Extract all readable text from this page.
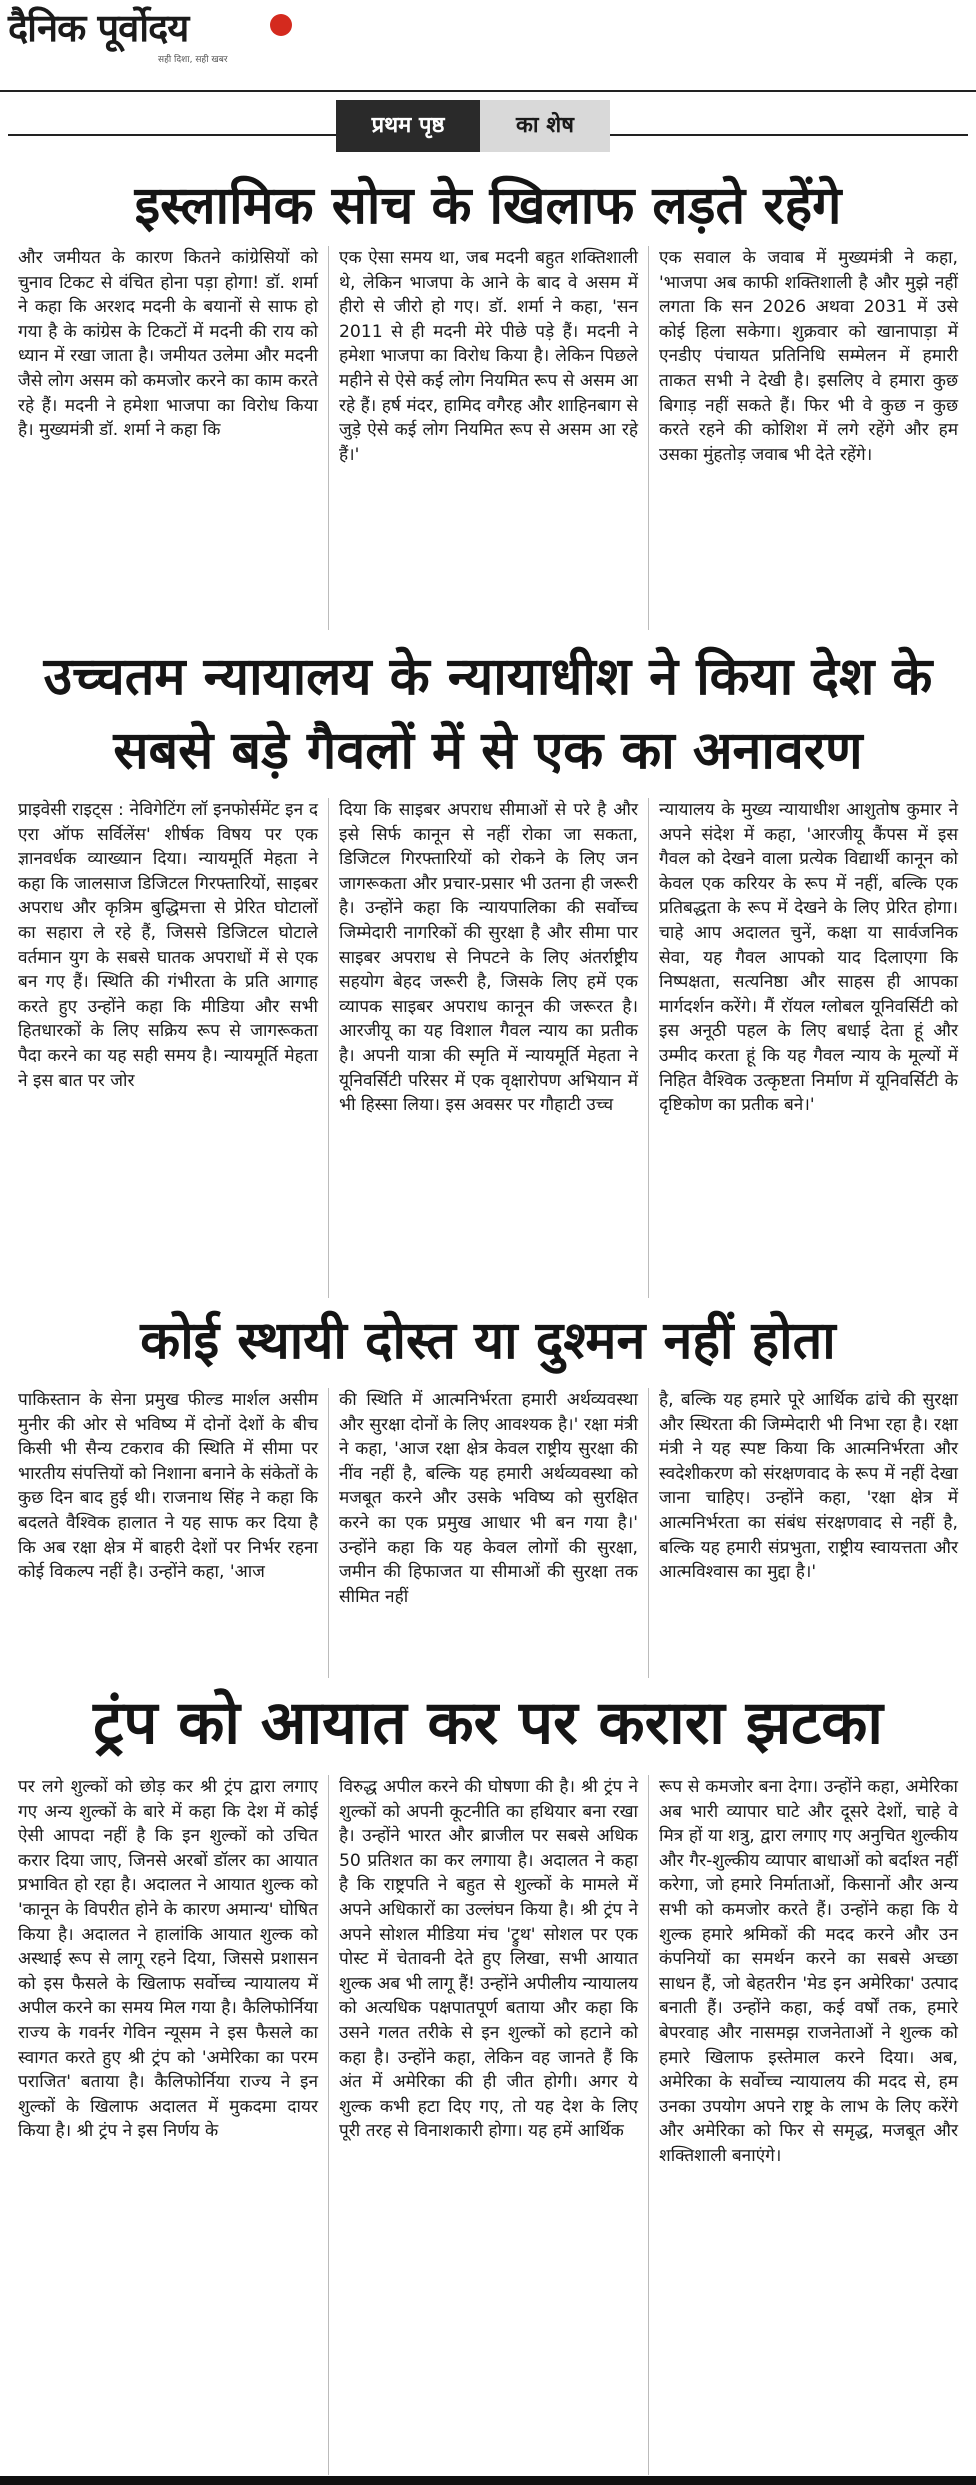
दैनिक पूर्वोदय
सही दिशा, सही खबर
प्रथम पृष्ठ	का शेष
इस्लामिक सोच के खिलाफ लड़ते रहेंगे

और जमीयत के कारण कितने कांग्रेसियों को चुनाव टिकट से वंचित होना पड़ा होगा! डॉ. शर्मा ने कहा कि अरशद मदनी के बयानों से साफ हो गया है के कांग्रेस के टिकटों में मदनी की राय को ध्यान में रखा जाता है। जमीयत उलेमा और मदनी जैसे लोग असम को कमजोर करने का काम करते रहे हैं। मदनी ने हमेशा भाजपा का विरोध किया है। मुख्यमंत्री डॉ. शर्मा ने कहा कि

एक ऐसा समय था, जब मदनी बहुत शक्तिशाली थे, लेकिन भाजपा के आने के बाद वे असम में हीरो से जीरो हो गए। डॉ. शर्मा ने कहा, 'सन 2011 से ही मदनी मेरे पीछे पड़े हैं। मदनी ने हमेशा भाजपा का विरोध किया है। लेकिन पिछले महीने से ऐसे कई लोग नियमित रूप से असम आ रहे हैं। हर्ष मंदर, हामिद वगैरह और शाहिनबाग से जुड़े ऐसे कई लोग नियमित रूप से असम आ रहे हैं।'

एक सवाल के जवाब में मुख्यमंत्री ने कहा, 'भाजपा अब काफी शक्तिशाली है और मुझे नहीं लगता कि सन 2026 अथवा 2031 में उसे कोई हिला सकेगा। शुक्रवार को खानापाड़ा में एनडीए पंचायत प्रतिनिधि सम्मेलन में हमारी ताकत सभी ने देखी है। इसलिए वे हमारा कुछ बिगाड़ नहीं सकते हैं। फिर भी वे कुछ न कुछ करते रहने की कोशिश में लगे रहेंगे और हम उसका मुंहतोड़ जवाब भी देते रहेंगे।

उच्चतम न्यायालय के न्यायाधीश ने किया देश के सबसे बड़े गैवलों में से एक का अनावरण

प्राइवेसी राइट्स : नेविगेटिंग लॉ इनफोर्समेंट इन द एरा ऑफ सर्विलेंस' शीर्षक विषय पर एक ज्ञानवर्धक व्याख्यान दिया। न्यायमूर्ति मेहता ने कहा कि जालसाज डिजिटल गिरफ्तारियों, साइबर अपराध और कृत्रिम बुद्धिमत्ता से प्रेरित घोटालों का सहारा ले रहे हैं, जिससे डिजिटल घोटाले वर्तमान युग के सबसे घातक अपराधों में से एक बन गए हैं। स्थिति की गंभीरता के प्रति आगाह करते हुए उन्होंने कहा कि मीडिया और सभी हितधारकों के लिए सक्रिय रूप से जागरूकता पैदा करने का यह सही समय है। न्यायमूर्ति मेहता ने इस बात पर जोर

दिया कि साइबर अपराध सीमाओं से परे है और इसे सिर्फ कानून से नहीं रोका जा सकता, डिजिटल गिरफ्तारियों को रोकने के लिए जन जागरूकता और प्रचार-प्रसार भी उतना ही जरूरी है। उन्होंने कहा कि न्यायपालिका की सर्वोच्च जिम्मेदारी नागरिकों की सुरक्षा है और सीमा पार साइबर अपराध से निपटने के लिए अंतर्राष्ट्रीय सहयोग बेहद जरूरी है, जिसके लिए हमें एक व्यापक साइबर अपराध कानून की जरूरत है। आरजीयू का यह विशाल गैवल न्याय का प्रतीक है। अपनी यात्रा की स्मृति में न्यायमूर्ति मेहता ने यूनिवर्सिटी परिसर में एक वृक्षारोपण अभियान में भी हिस्सा लिया। इस अवसर पर गौहाटी उच्च

न्यायालय के मुख्य न्यायाधीश आशुतोष कुमार ने अपने संदेश में कहा, 'आरजीयू कैंपस में इस गैवल को देखने वाला प्रत्येक विद्यार्थी कानून को केवल एक करियर के रूप में नहीं, बल्कि एक प्रतिबद्धता के रूप में देखने के लिए प्रेरित होगा। चाहे आप अदालत चुनें, कक्षा या सार्वजनिक सेवा, यह गैवल आपको याद दिलाएगा कि निष्पक्षता, सत्यनिष्ठा और साहस ही आपका मार्गदर्शन करेंगे। मैं रॉयल ग्लोबल यूनिवर्सिटी को इस अनूठी पहल के लिए बधाई देता हूं और उम्मीद करता हूं कि यह गैवल न्याय के मूल्यों में निहित वैश्विक उत्कृष्टता निर्माण में यूनिवर्सिटी के दृष्टिकोण का प्रतीक बने।'

कोई स्थायी दोस्त या दुश्मन नहीं होता

पाकिस्तान के सेना प्रमुख फील्ड मार्शल असीम मुनीर की ओर से भविष्य में दोनों देशों के बीच किसी भी सैन्य टकराव की स्थिति में सीमा पर भारतीय संपत्तियों को निशाना बनाने के संकेतों के कुछ दिन बाद हुई थी। राजनाथ सिंह ने कहा कि बदलते वैश्विक हालात ने यह साफ कर दिया है कि अब रक्षा क्षेत्र में बाहरी देशों पर निर्भर रहना कोई विकल्प नहीं है। उन्होंने कहा, 'आज

की स्थिति में आत्मनिर्भरता हमारी अर्थव्यवस्था और सुरक्षा दोनों के लिए आवश्यक है।' रक्षा मंत्री ने कहा, 'आज रक्षा क्षेत्र केवल राष्ट्रीय सुरक्षा की नींव नहीं है, बल्कि यह हमारी अर्थव्यवस्था को मजबूत करने और उसके भविष्य को सुरक्षित करने का एक प्रमुख आधार भी बन गया है।' उन्होंने कहा कि यह केवल लोगों की सुरक्षा, जमीन की हिफाजत या सीमाओं की सुरक्षा तक सीमित नहीं

है, बल्कि यह हमारे पूरे आर्थिक ढांचे की सुरक्षा और स्थिरता की जिम्मेदारी भी निभा रहा है। रक्षा मंत्री ने यह स्पष्ट किया कि आत्मनिर्भरता और स्वदेशीकरण को संरक्षणवाद के रूप में नहीं देखा जाना चाहिए। उन्होंने कहा, 'रक्षा क्षेत्र में आत्मनिर्भरता का संबंध संरक्षणवाद से नहीं है, बल्कि यह हमारी संप्रभुता, राष्ट्रीय स्वायत्तता और आत्मविश्वास का मुद्दा है।'

ट्रंप को आयात कर पर करारा झटका

पर लगे शुल्कों को छोड़ कर श्री ट्रंप द्वारा लगाए गए अन्य शुल्कों के बारे में कहा कि देश में कोई ऐसी आपदा नहीं है कि इन शुल्कों को उचित करार दिया जाए, जिनसे अरबों डॉलर का आयात प्रभावित हो रहा है। अदालत ने आयात शुल्क को 'कानून के विपरीत होने के कारण अमान्य' घोषित किया है। अदालत ने हालांकि आयात शुल्क को अस्थाई रूप से लागू रहने दिया, जिससे प्रशासन को इस फैसले के खिलाफ सर्वोच्च न्यायालय में अपील करने का समय मिल गया है। कैलिफोर्निया राज्य के गवर्नर गेविन न्यूसम ने इस फैसले का स्वागत करते हुए श्री ट्रंप को 'अमेरिका का परम पराजित' बताया है। कैलिफोर्निया राज्य ने इन शुल्कों के खिलाफ अदालत में मुकदमा दायर किया है। श्री ट्रंप ने इस निर्णय के

विरुद्ध अपील करने की घोषणा की है। श्री ट्रंप ने शुल्कों को अपनी कूटनीति का हथियार बना रखा है। उन्होंने भारत और ब्राजील पर सबसे अधिक 50 प्रतिशत का कर लगाया है। अदालत ने कहा है कि राष्ट्रपति ने बहुत से शुल्कों के मामले में अपने अधिकारों का उल्लंघन किया है। श्री ट्रंप ने अपने सोशल मीडिया मंच 'ट्रुथ' सोशल पर एक पोस्ट में चेतावनी देते हुए लिखा, सभी आयात शुल्क अब भी लागू हैं! उन्होंने अपीलीय न्यायालय को अत्यधिक पक्षपातपूर्ण बताया और कहा कि उसने गलत तरीके से इन शुल्कों को हटाने को कहा है। उन्होंने कहा, लेकिन वह जानते हैं कि अंत में अमेरिका की ही जीत होगी। अगर ये शुल्क कभी हटा दिए गए, तो यह देश के लिए पूरी तरह से विनाशकारी होगा। यह हमें आर्थिक

रूप से कमजोर बना देगा। उन्होंने कहा, अमेरिका अब भारी व्यापार घाटे और दूसरे देशों, चाहे वे मित्र हों या शत्रु, द्वारा लगाए गए अनुचित शुल्कीय और गैर-शुल्कीय व्यापार बाधाओं को बर्दाश्त नहीं करेगा, जो हमारे निर्माताओं, किसानों और अन्य सभी को कमजोर करते हैं। उन्होंने कहा कि ये शुल्क हमारे श्रमिकों की मदद करने और उन कंपनियों का समर्थन करने का सबसे अच्छा साधन हैं, जो बेहतरीन 'मेड इन अमेरिका' उत्पाद बनाती हैं। उन्होंने कहा, कई वर्षों तक, हमारे बेपरवाह और नासमझ राजनेताओं ने शुल्क को हमारे खिलाफ इस्तेमाल करने दिया। अब, अमेरिका के सर्वोच्च न्यायालय की मदद से, हम उनका उपयोग अपने राष्ट्र के लाभ के लिए करेंगे और अमेरिका को फिर से समृद्ध, मजबूत और शक्तिशाली बनाएंगे।
